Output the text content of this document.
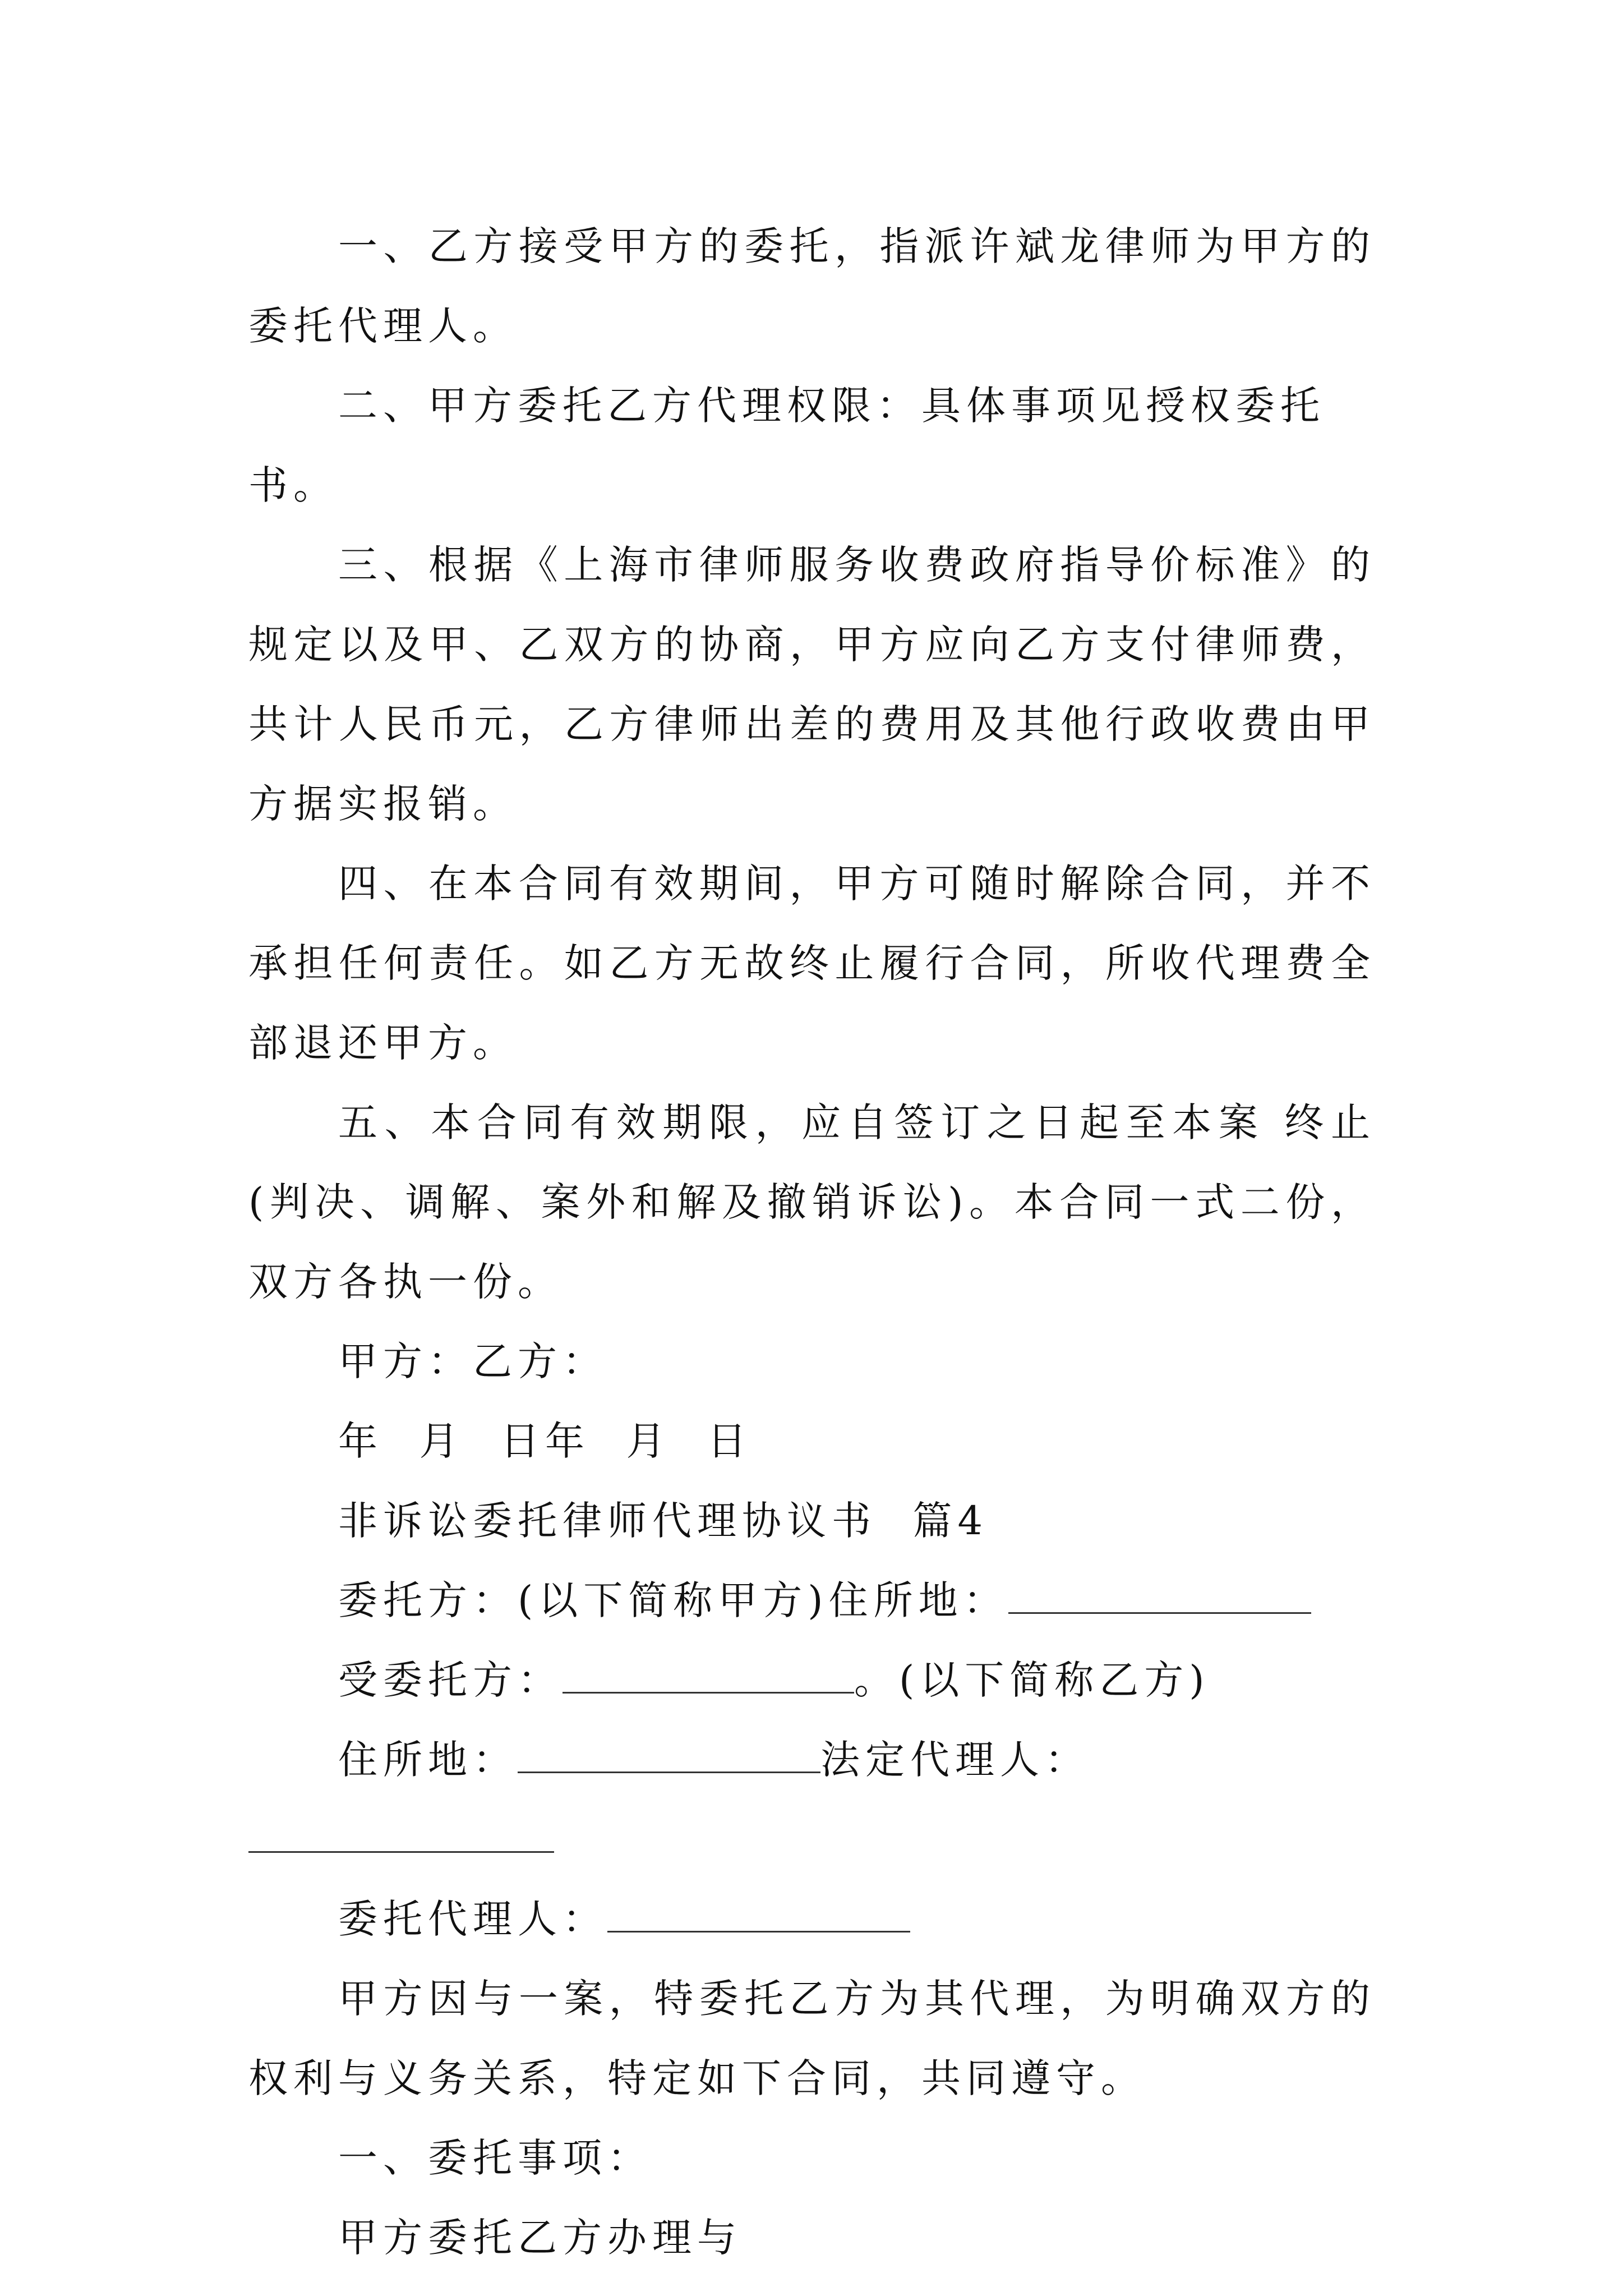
一、乙方接受甲方的委托，指派许斌龙律师为甲方的委托代理人。

二、甲方委托乙方代理权限：具体事项见授权委托书。

三、根据《上海市律师服务收费政府指导价标准》的规定以及甲、乙双方的协商，甲方应向乙方支付律师费，共计人民币元，乙方律师出差的费用及其他行政收费由甲方据实报销。

四、在本合同有效期间，甲方可随时解除合同，并不承担任何责任。如乙方无故终止履行合同，所收代理费全部退还甲方。

五、本合同有效期限，应自签订之日起至本案 终止(判决、调解、案外和解及撤销诉讼)。本合同一式二份，双方各执一份。

甲方：乙方：

年  月  日年  月  日

非诉讼委托律师代理协议书  篇4

委托方：(以下简称甲方)住所地：

受委托方：	。(以下简称乙方)

住所地：	法定代理人：

委托代理人：

甲方因与一案，特委托乙方为其代理，为明确双方的权利与义务关系，特定如下合同，共同遵守。

一、委托事项：

甲方委托乙方办理与
